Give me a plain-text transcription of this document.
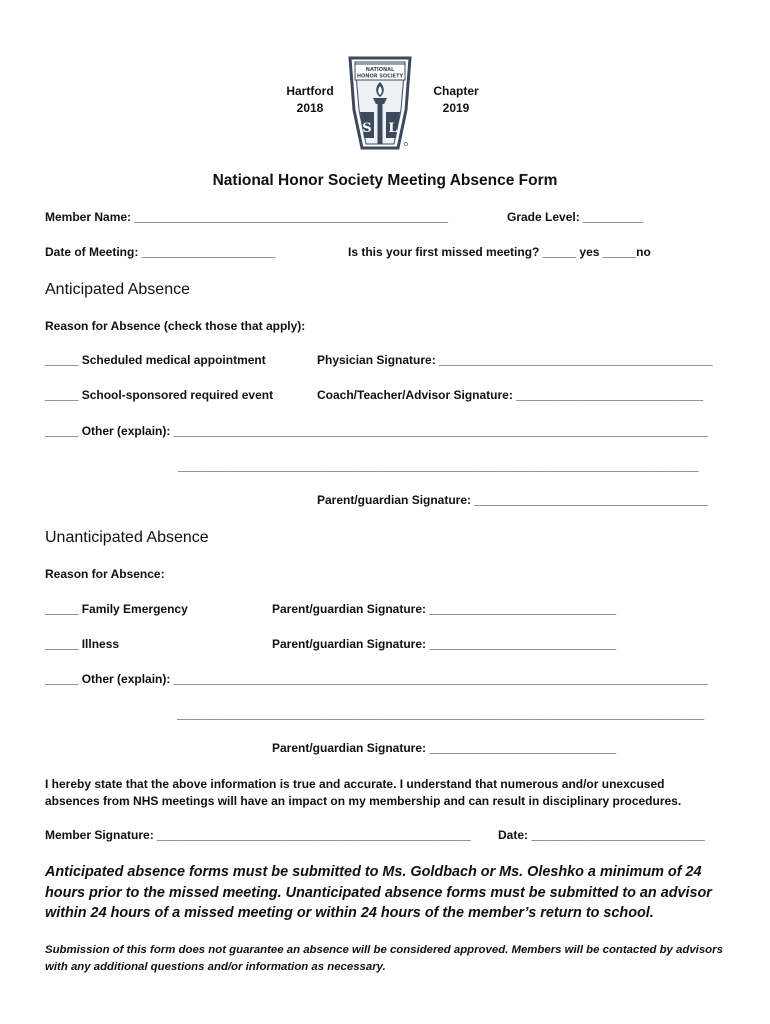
Hartford
2018
Chapter
2019
NATIONAL
HONOR SOCIETY
S L
National Honor Society Meeting Absence Form
Member Name: _______________________________________________	Grade Level: _________
Date of Meeting: ____________________	Is this your first missed meeting? _____ yes _____no
Anticipated Absence
Reason for Absence (check those that apply):
_____ Scheduled medical appointment	Physician Signature: _________________________________________
_____ School-sponsored required event	Coach/Teacher/Advisor Signature: ____________________________
_____ Other (explain): ________________________________________________________________________________
______________________________________________________________________________
Parent/guardian Signature: ___________________________________
Unanticipated Absence
Reason for Absence:
_____ Family Emergency	Parent/guardian Signature: ____________________________
_____ Illness	Parent/guardian Signature: ____________________________
_____ Other (explain): ________________________________________________________________________________
_______________________________________________________________________________
Parent/guardian Signature: ____________________________
I hereby state that the above information is true and accurate. I understand that numerous and/or unexcused absences from NHS meetings will have an impact on my membership and can result in disciplinary procedures.
Member Signature: _______________________________________________ Date: __________________________
Anticipated absence forms must be submitted to Ms. Goldbach or Ms. Oleshko a minimum of 24 hours prior to the missed meeting. Unanticipated absence forms must be submitted to an advisor within 24 hours of a missed meeting or within 24 hours of the member’s return to school.
Submission of this form does not guarantee an absence will be considered approved. Members will be contacted by advisors with any additional questions and/or information as necessary.
